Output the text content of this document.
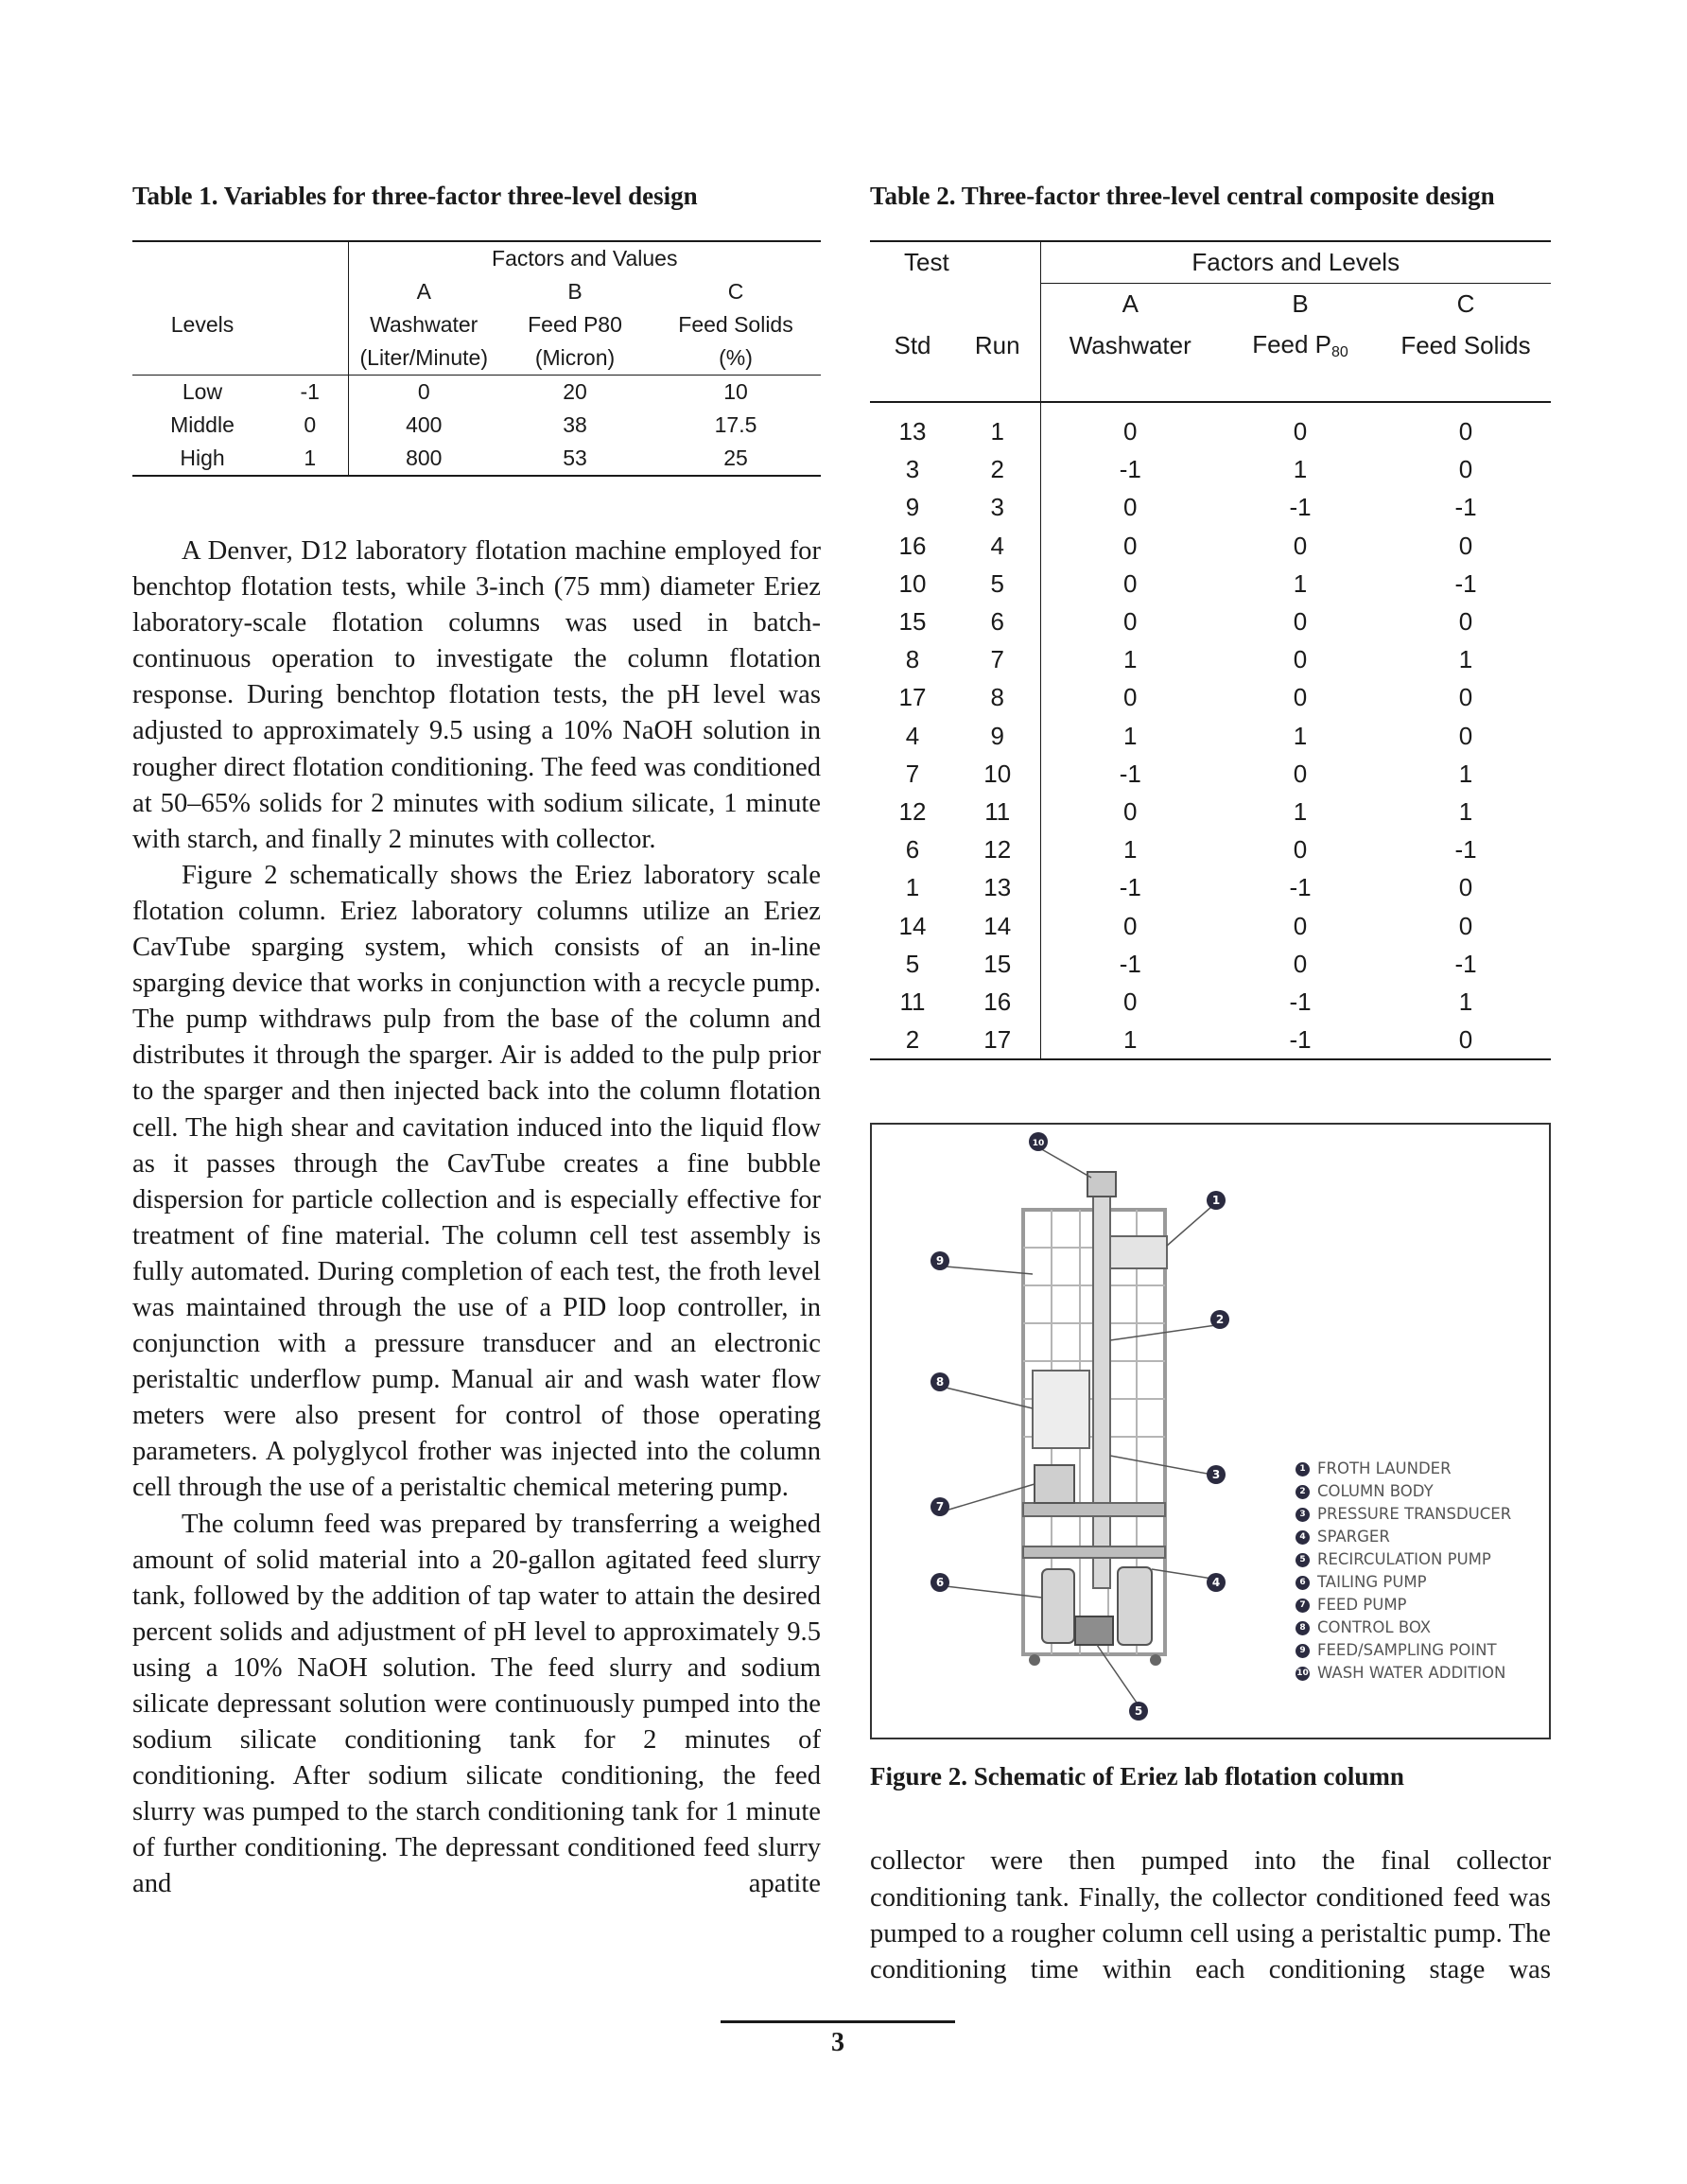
Table 1. Variables for three-factor three-level design
		Factors and Values		
		A	B	C
Levels		Washwater	Feed P80	Feed Solids
		(Liter/Minute)	(Micron)	(%)
Low	-1	0	20	10
Middle	0	400	38	17.5
High	1	800	53	25

A Denver, D12 laboratory flotation machine employed for benchtop flotation tests, while 3-inch (75 mm) diameter Eriez laboratory-scale flotation columns was used in batch-continuous operation to investigate the column flotation response. During benchtop flotation tests, the pH level was adjusted to approximately 9.5 using a 10% NaOH solution in rougher direct flotation conditioning. The feed was conditioned at 50–65% solids for 2 minutes with sodium silicate, 1 minute with starch, and finally 2 minutes with collector.

Figure 2 schematically shows the Eriez laboratory scale flotation column. Eriez laboratory columns utilize an Eriez CavTube sparging system, which consists of an in-line sparging device that works in conjunction with a recycle pump. The pump withdraws pulp from the base of the column and distributes it through the sparger. Air is added to the pulp prior to the sparger and then injected back into the column flotation cell. The high shear and cavitation induced into the liquid flow as it passes through the CavTube creates a fine bubble dispersion for particle collection and is especially effective for treatment of fine material. The column cell test assembly is fully automated. During completion of each test, the froth level was maintained through the use of a PID loop controller, in conjunction with a pressure transducer and an electronic peristaltic underflow pump. Manual air and wash water flow meters were also present for control of those operating parameters. A polyglycol frother was injected into the column cell through the use of a peristaltic chemical metering pump.

The column feed was prepared by transferring a weighed amount of solid material into a 20-gallon agitated feed slurry tank, followed by the addition of tap water to attain the desired percent solids and adjustment of pH level to approximately 9.5 using a 10% NaOH solution. The feed slurry and sodium silicate depressant solution were continuously pumped into the sodium silicate conditioning tank for 2 minutes of conditioning. After sodium silicate conditioning, the feed slurry was pumped to the starch conditioning tank for 1 minute of further conditioning. The depressant conditioned feed slurry and apatite

Table 2. Three-factor three-level central composite design
Test		Factors and Levels		
		A	B	C
Std	Run	Washwater	Feed $P_{80}$	Feed Solids

13	1	0	0	0
3	2	-1	1	0
9	3	0	-1	-1
16	4	0	0	0
10	5	0	1	-1
15	6	0	0	0
8	7	1	0	1
17	8	0	0	0
4	9	1	1	0
7	10	-1	0	1
12	11	0	1	1
6	12	1	0	-1
1	13	-1	-1	0
14	14	0	0	0
5	15	-1	0	-1
11	16	0	-1	1
2	17	1	-1	0
10
1
9
2
8
3
7
6	4
5
1 FROTH LAUNDER
2 COLUMN BODY
3 PRESSURE TRANSDUCER
4 SPARGER
5 RECIRCULATION PUMP
6 TAILING PUMP
7 FEED PUMP
8 CONTROL BOX
9 FEED/SAMPLING POINT
10 WASH WATER ADDITION
Figure 2. Schematic of Eriez lab flotation column

collector were then pumped into the final collector conditioning tank. Finally, the collector conditioned feed was pumped to a rougher column cell using a peristaltic pump. The conditioning time within each conditioning stage was

3
